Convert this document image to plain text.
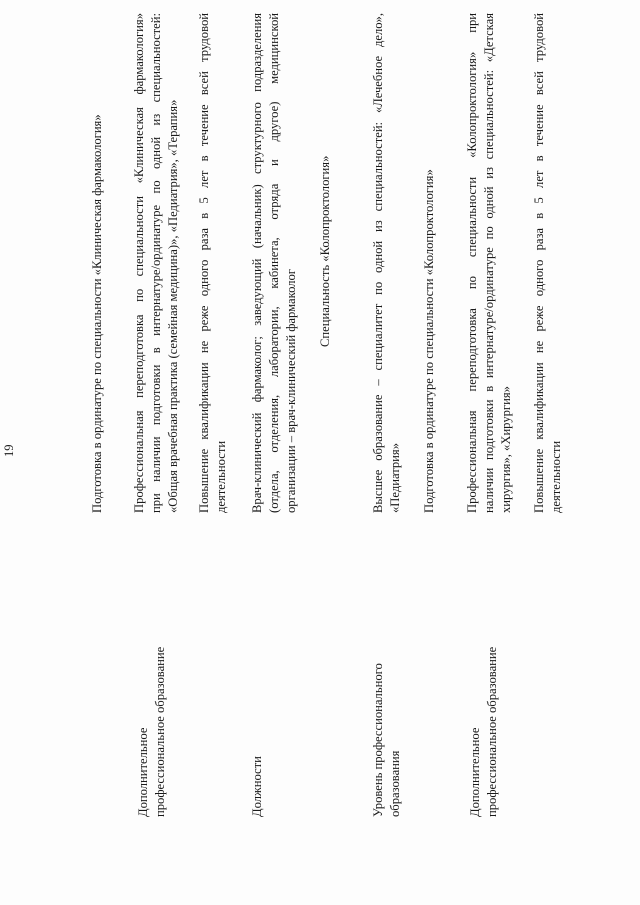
19
Дополнительное профессиональное образование
Подготовка в ординатуре по специальности «Клиническая фармакология» Профессиональная переподготовка по специальности «Клиническая фармакология» при наличии подготовки в интернатуре/ординатуре по одной из специальностей: «Общая врачебная практика (семейная медицина)», «Педиатрия», «Терапия» Повышение квалификации не реже одного раза в 5 лет в течение всей трудовой деятельности
Должности
Врач-клинический фармаколог; заведующий (начальник) структурного подразделения (отдела, отделения, лаборатории, кабинета, отряда и другое) медицинской организации – врач-клинический фармаколог
Специальность «Колопроктология»
Уровень профессионального образования
Высшее образование – специалитет по одной из специальностей: «Лечебное дело», «Педиатрия» Подготовка в ординатуре по специальности «Колопроктология»
Дополнительное профессиональное образование
Профессиональная переподготовка по специальности «Колопроктология» при наличии подготовки в интернатуре/ординатуре по одной из специальностей: «Детская хирургия», «Хирургия» Повышение квалификации не реже одного раза в 5 лет в течение всей трудовой деятельности
